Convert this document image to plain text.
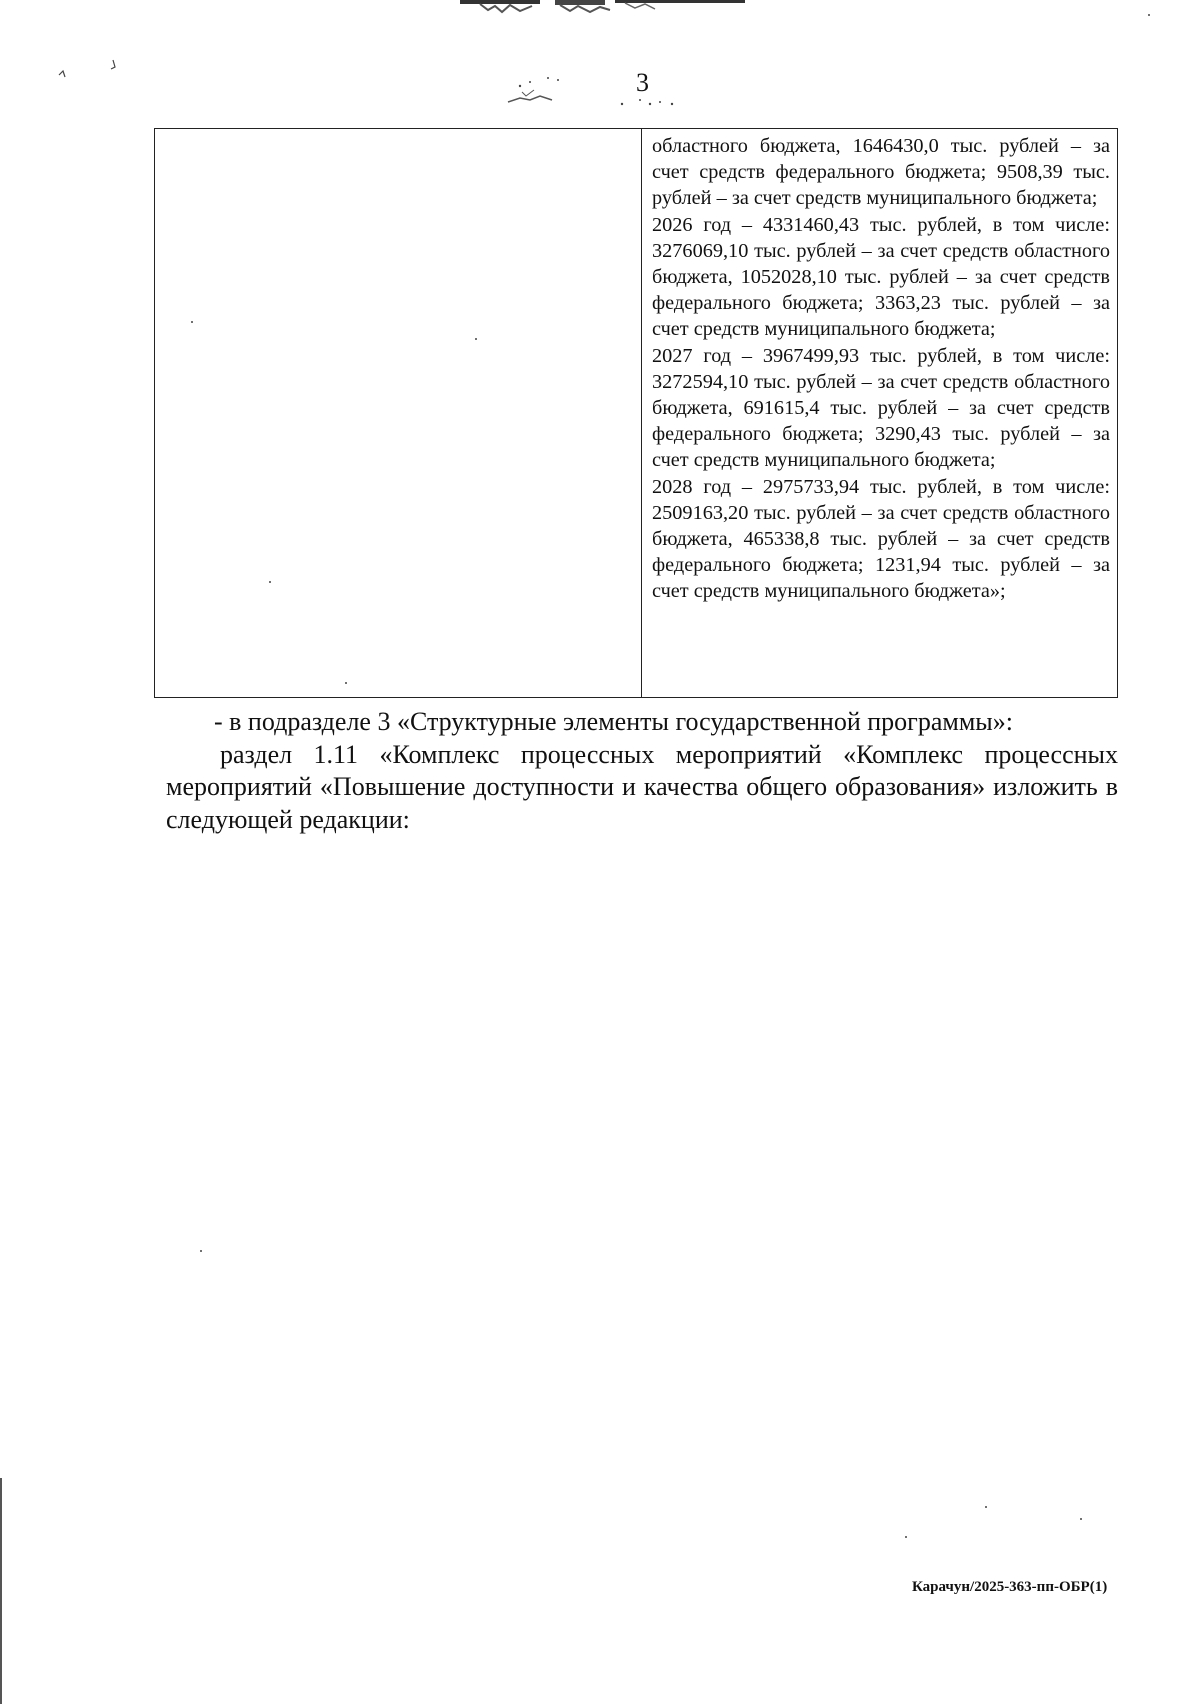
3

областного бюджета, 1646430,0 тыс. рублей – за счет средств федерального бюджета; 9508,39 тыс. рублей – за счет средств муниципального бюджета;

2026 год – 4331460,43 тыс. рублей, в том числе: 3276069,10 тыс. рублей – за счет средств областного бюджета, 1052028,10 тыс. рублей – за счет средств федерального бюджета; 3363,23 тыс. рублей – за счет средств муниципального бюджета;

2027 год – 3967499,93 тыс. рублей, в том числе: 3272594,10 тыс. рублей – за счет средств областного бюджета, 691615,4 тыс. рублей – за счет средств федерального бюджета; 3290,43 тыс. рублей – за счет средств муниципального бюджета;

2028 год – 2975733,94 тыс. рублей, в том числе: 2509163,20 тыс. рублей – за счет средств областного бюджета, 465338,8 тыс. рублей – за счет средств федерального бюджета; 1231,94 тыс. рублей – за счет средств муниципального бюджета»;

- в подразделе 3 «Структурные элементы государственной программы»:

раздел 1.11 «Комплекс процессных мероприятий «Комплекс процессных мероприятий «Повышение доступности и качества общего образования» изложить в следующей редакции:

Карачун/2025-363-пп-ОБР(1)
